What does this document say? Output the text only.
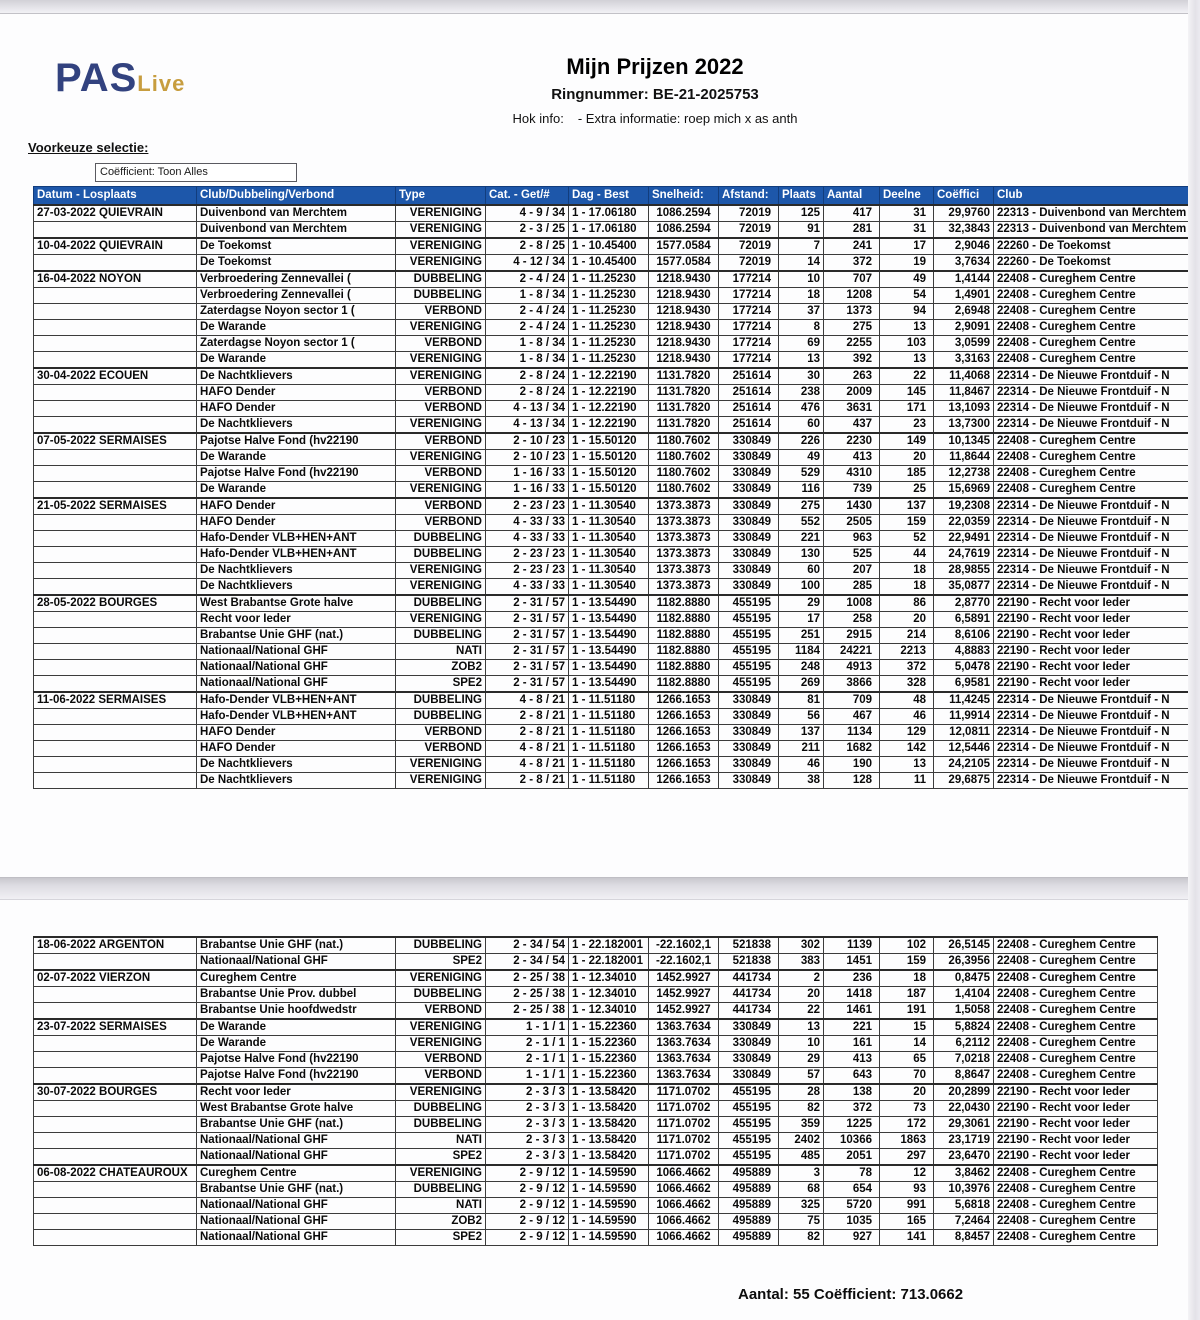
PASLive
Mijn Prijzen 2022
Ringnummer: BE-21-2025753
Hok info: - Extra informatie: roep mich x as anth
Voorkeuze selectie:
Coëfficient: Toon Alles
Datum - Losplaats	Club/Dubbeling/Verbond	Type	Cat. - Get/#	Dag - Best	Snelheid:	Afstand:	Plaats	Aantal	Deelne	Coëffici	Club
27-03-2022 QUIEVRAIN	Duivenbond van Merchtem	VERENIGING	4 - 9 / 34	1 - 17.06180	1086.2594	72019	125	417	31	29,9760	22313 - Duivenbond van Merchtem
	Duivenbond van Merchtem	VERENIGING	2 - 3 / 25	1 - 17.06180	1086.2594	72019	91	281	31	32,3843	22313 - Duivenbond van Merchtem
10-04-2022 QUIEVRAIN	De Toekomst	VERENIGING	2 - 8 / 25	1 - 10.45400	1577.0584	72019	7	241	17	2,9046	22260 - De Toekomst
	De Toekomst	VERENIGING	4 - 12 / 34	1 - 10.45400	1577.0584	72019	14	372	19	3,7634	22260 - De Toekomst
16-04-2022 NOYON	Verbroedering Zennevallei (	DUBBELING	2 - 4 / 24	1 - 11.25230	1218.9430	177214	10	707	49	1,4144	22408 - Cureghem Centre
	Verbroedering Zennevallei (	DUBBELING	1 - 8 / 34	1 - 11.25230	1218.9430	177214	18	1208	54	1,4901	22408 - Cureghem Centre
	Zaterdagse Noyon sector 1 (	VERBOND	2 - 4 / 24	1 - 11.25230	1218.9430	177214	37	1373	94	2,6948	22408 - Cureghem Centre
	De Warande	VERENIGING	2 - 4 / 24	1 - 11.25230	1218.9430	177214	8	275	13	2,9091	22408 - Cureghem Centre
	Zaterdagse Noyon sector 1 (	VERBOND	1 - 8 / 34	1 - 11.25230	1218.9430	177214	69	2255	103	3,0599	22408 - Cureghem Centre
	De Warande	VERENIGING	1 - 8 / 34	1 - 11.25230	1218.9430	177214	13	392	13	3,3163	22408 - Cureghem Centre
30-04-2022 ECOUEN	De Nachtklievers	VERENIGING	2 - 8 / 24	1 - 12.22190	1131.7820	251614	30	263	22	11,4068	22314 - De Nieuwe Frontduif - N
	HAFO Dender	VERBOND	2 - 8 / 24	1 - 12.22190	1131.7820	251614	238	2009	145	11,8467	22314 - De Nieuwe Frontduif - N
	HAFO Dender	VERBOND	4 - 13 / 34	1 - 12.22190	1131.7820	251614	476	3631	171	13,1093	22314 - De Nieuwe Frontduif - N
	De Nachtklievers	VERENIGING	4 - 13 / 34	1 - 12.22190	1131.7820	251614	60	437	23	13,7300	22314 - De Nieuwe Frontduif - N
07-05-2022 SERMAISES	Pajotse Halve Fond (hv22190	VERBOND	2 - 10 / 23	1 - 15.50120	1180.7602	330849	226	2230	149	10,1345	22408 - Cureghem Centre
	De Warande	VERENIGING	2 - 10 / 23	1 - 15.50120	1180.7602	330849	49	413	20	11,8644	22408 - Cureghem Centre
	Pajotse Halve Fond (hv22190	VERBOND	1 - 16 / 33	1 - 15.50120	1180.7602	330849	529	4310	185	12,2738	22408 - Cureghem Centre
	De Warande	VERENIGING	1 - 16 / 33	1 - 15.50120	1180.7602	330849	116	739	25	15,6969	22408 - Cureghem Centre
21-05-2022 SERMAISES	HAFO Dender	VERBOND	2 - 23 / 23	1 - 11.30540	1373.3873	330849	275	1430	137	19,2308	22314 - De Nieuwe Frontduif - N
	HAFO Dender	VERBOND	4 - 33 / 33	1 - 11.30540	1373.3873	330849	552	2505	159	22,0359	22314 - De Nieuwe Frontduif - N
	Hafo-Dender VLB+HEN+ANT	DUBBELING	4 - 33 / 33	1 - 11.30540	1373.3873	330849	221	963	52	22,9491	22314 - De Nieuwe Frontduif - N
	Hafo-Dender VLB+HEN+ANT	DUBBELING	2 - 23 / 23	1 - 11.30540	1373.3873	330849	130	525	44	24,7619	22314 - De Nieuwe Frontduif - N
	De Nachtklievers	VERENIGING	2 - 23 / 23	1 - 11.30540	1373.3873	330849	60	207	18	28,9855	22314 - De Nieuwe Frontduif - N
	De Nachtklievers	VERENIGING	4 - 33 / 33	1 - 11.30540	1373.3873	330849	100	285	18	35,0877	22314 - De Nieuwe Frontduif - N
28-05-2022 BOURGES	West Brabantse Grote halve	DUBBELING	2 - 31 / 57	1 - 13.54490	1182.8880	455195	29	1008	86	2,8770	22190 - Recht voor Ieder
	Recht voor Ieder	VERENIGING	2 - 31 / 57	1 - 13.54490	1182.8880	455195	17	258	20	6,5891	22190 - Recht voor Ieder
	Brabantse Unie GHF (nat.)	DUBBELING	2 - 31 / 57	1 - 13.54490	1182.8880	455195	251	2915	214	8,6106	22190 - Recht voor Ieder
	Nationaal/National GHF	NATI	2 - 31 / 57	1 - 13.54490	1182.8880	455195	1184	24221	2213	4,8883	22190 - Recht voor Ieder
	Nationaal/National GHF	ZOB2	2 - 31 / 57	1 - 13.54490	1182.8880	455195	248	4913	372	5,0478	22190 - Recht voor Ieder
	Nationaal/National GHF	SPE2	2 - 31 / 57	1 - 13.54490	1182.8880	455195	269	3866	328	6,9581	22190 - Recht voor Ieder
11-06-2022 SERMAISES	Hafo-Dender VLB+HEN+ANT	DUBBELING	4 - 8 / 21	1 - 11.51180	1266.1653	330849	81	709	48	11,4245	22314 - De Nieuwe Frontduif - N
	Hafo-Dender VLB+HEN+ANT	DUBBELING	2 - 8 / 21	1 - 11.51180	1266.1653	330849	56	467	46	11,9914	22314 - De Nieuwe Frontduif - N
	HAFO Dender	VERBOND	2 - 8 / 21	1 - 11.51180	1266.1653	330849	137	1134	129	12,0811	22314 - De Nieuwe Frontduif - N
	HAFO Dender	VERBOND	4 - 8 / 21	1 - 11.51180	1266.1653	330849	211	1682	142	12,5446	22314 - De Nieuwe Frontduif - N
	De Nachtklievers	VERENIGING	4 - 8 / 21	1 - 11.51180	1266.1653	330849	46	190	13	24,2105	22314 - De Nieuwe Frontduif - N
	De Nachtklievers	VERENIGING	2 - 8 / 21	1 - 11.51180	1266.1653	330849	38	128	11	29,6875	22314 - De Nieuwe Frontduif - N
18-06-2022 ARGENTON	Brabantse Unie GHF (nat.)	DUBBELING	2 - 34 / 54	1 - 22.182001	-22.1602,1	521838	302	1139	102	26,5145	22408 - Cureghem Centre
	Nationaal/National GHF	SPE2	2 - 34 / 54	1 - 22.182001	-22.1602,1	521838	383	1451	159	26,3956	22408 - Cureghem Centre
02-07-2022 VIERZON	Cureghem Centre	VERENIGING	2 - 25 / 38	1 - 12.34010	1452.9927	441734	2	236	18	0,8475	22408 - Cureghem Centre
	Brabantse Unie Prov. dubbel	DUBBELING	2 - 25 / 38	1 - 12.34010	1452.9927	441734	20	1418	187	1,4104	22408 - Cureghem Centre
	Brabantse Unie hoofdwedstr	VERBOND	2 - 25 / 38	1 - 12.34010	1452.9927	441734	22	1461	191	1,5058	22408 - Cureghem Centre
23-07-2022 SERMAISES	De Warande	VERENIGING	1 - 1 / 1	1 - 15.22360	1363.7634	330849	13	221	15	5,8824	22408 - Cureghem Centre
	De Warande	VERENIGING	2 - 1 / 1	1 - 15.22360	1363.7634	330849	10	161	14	6,2112	22408 - Cureghem Centre
	Pajotse Halve Fond (hv22190	VERBOND	2 - 1 / 1	1 - 15.22360	1363.7634	330849	29	413	65	7,0218	22408 - Cureghem Centre
	Pajotse Halve Fond (hv22190	VERBOND	1 - 1 / 1	1 - 15.22360	1363.7634	330849	57	643	70	8,8647	22408 - Cureghem Centre
30-07-2022 BOURGES	Recht voor Ieder	VERENIGING	2 - 3 / 3	1 - 13.58420	1171.0702	455195	28	138	20	20,2899	22190 - Recht voor Ieder
	West Brabantse Grote halve	DUBBELING	2 - 3 / 3	1 - 13.58420	1171.0702	455195	82	372	73	22,0430	22190 - Recht voor Ieder
	Brabantse Unie GHF (nat.)	DUBBELING	2 - 3 / 3	1 - 13.58420	1171.0702	455195	359	1225	172	29,3061	22190 - Recht voor Ieder
	Nationaal/National GHF	NATI	2 - 3 / 3	1 - 13.58420	1171.0702	455195	2402	10366	1863	23,1719	22190 - Recht voor Ieder
	Nationaal/National GHF	SPE2	2 - 3 / 3	1 - 13.58420	1171.0702	455195	485	2051	297	23,6470	22190 - Recht voor Ieder
06-08-2022 CHATEAUROUX	Cureghem Centre	VERENIGING	2 - 9 / 12	1 - 14.59590	1066.4662	495889	3	78	12	3,8462	22408 - Cureghem Centre
	Brabantse Unie GHF (nat.)	DUBBELING	2 - 9 / 12	1 - 14.59590	1066.4662	495889	68	654	93	10,3976	22408 - Cureghem Centre
	Nationaal/National GHF	NATI	2 - 9 / 12	1 - 14.59590	1066.4662	495889	325	5720	991	5,6818	22408 - Cureghem Centre
	Nationaal/National GHF	ZOB2	2 - 9 / 12	1 - 14.59590	1066.4662	495889	75	1035	165	7,2464	22408 - Cureghem Centre
	Nationaal/National GHF	SPE2	2 - 9 / 12	1 - 14.59590	1066.4662	495889	82	927	141	8,8457	22408 - Cureghem Centre
Aantal: 55 Coëfficient: 713.0662
